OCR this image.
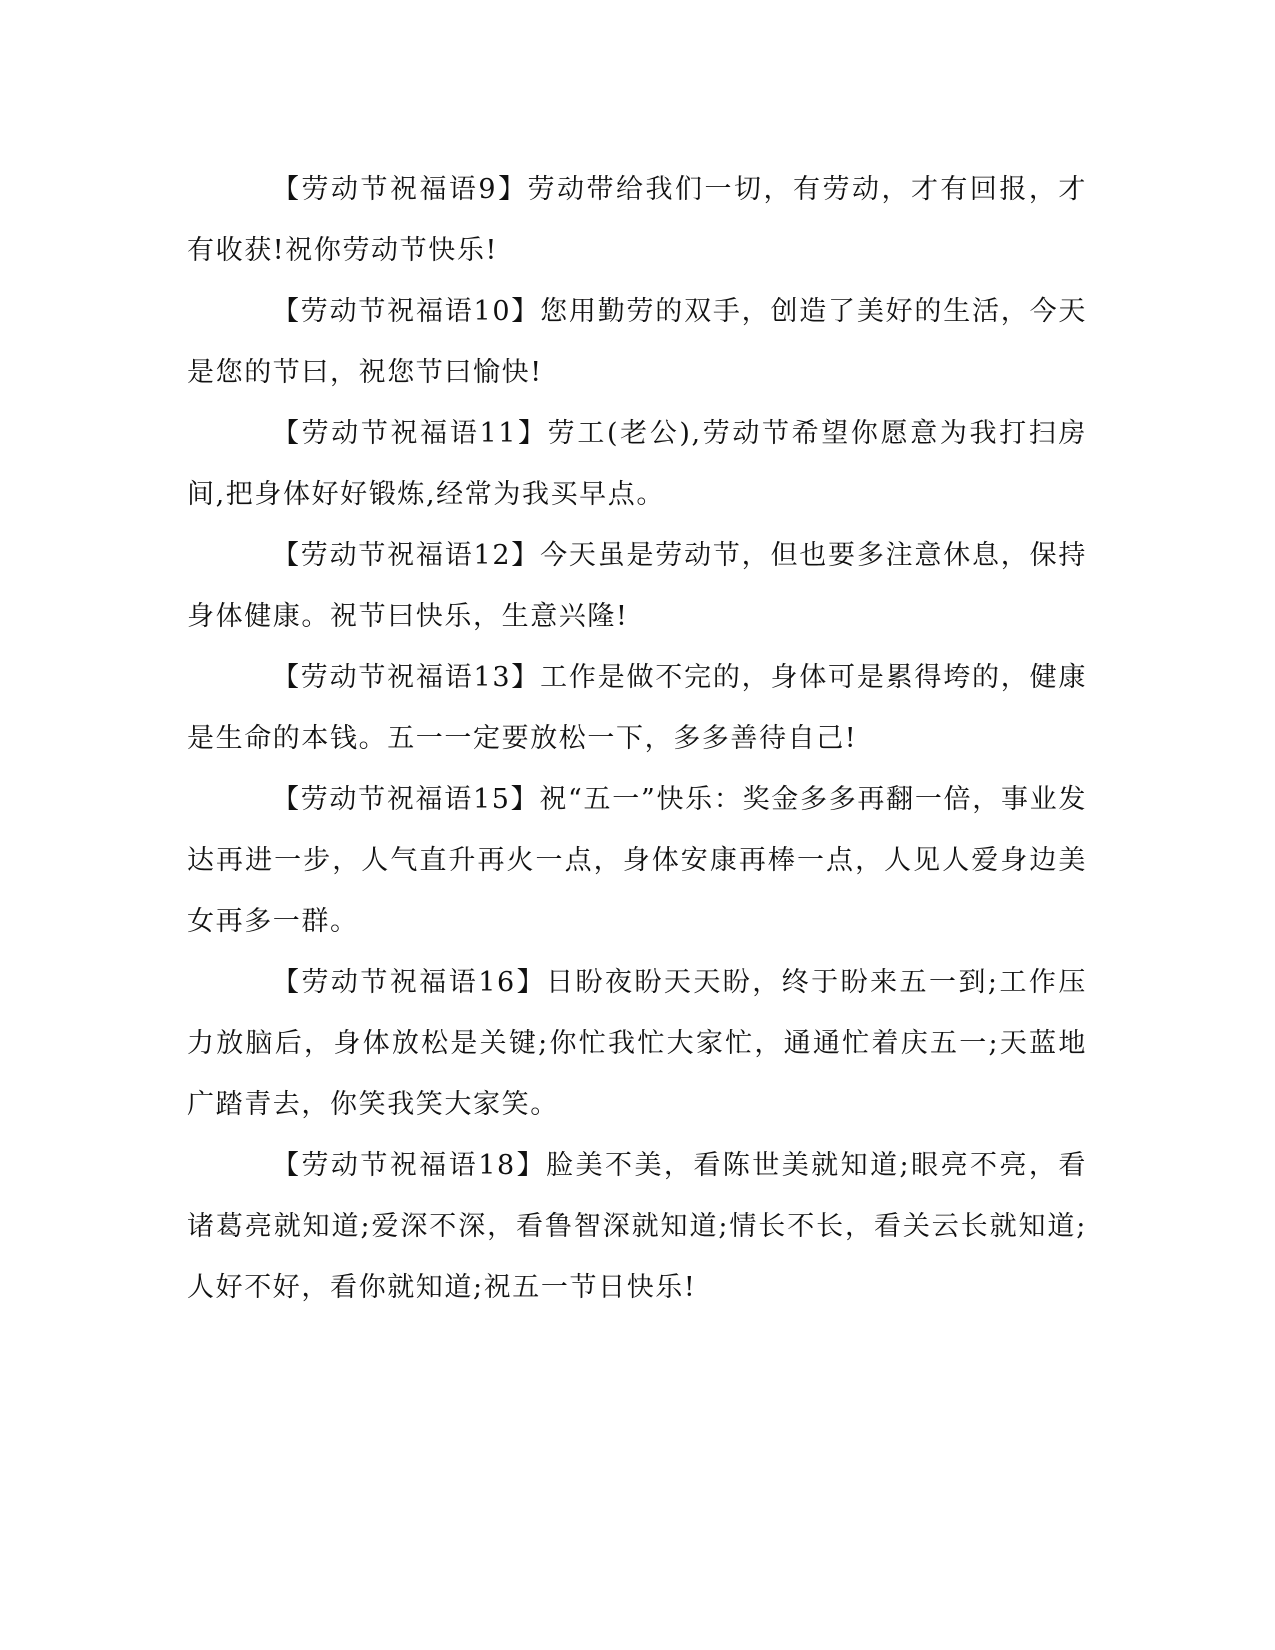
【劳动节祝福语9】劳动带给我们一切，有劳动，才有回报，才有收获!祝你劳动节快乐!

【劳动节祝福语10】您用勤劳的双手，创造了美好的生活，今天是您的节曰，祝您节曰愉快!

【劳动节祝福语11】劳工(老公),劳动节希望你愿意为我打扫房间,把身体好好锻炼,经常为我买早点。

【劳动节祝福语12】今天虽是劳动节，但也要多注意休息，保持身体健康。祝节曰快乐，生意兴隆!

【劳动节祝福语13】工作是做不完的，身体可是累得垮的，健康是生命的本钱。五一一定要放松一下，多多善待自己!

【劳动节祝福语15】祝“五一”快乐：奖金多多再翻一倍，事业发达再进一步，人气直升再火一点，身体安康再棒一点，人见人爱身边美女再多一群。

【劳动节祝福语16】日盼夜盼天天盼，终于盼来五一到;工作压力放脑后，身体放松是关键;你忙我忙大家忙，通通忙着庆五一;天蓝地广踏青去，你笑我笑大家笑。

【劳动节祝福语18】脸美不美，看陈世美就知道;眼亮不亮，看诸葛亮就知道;爱深不深，看鲁智深就知道;情长不长，看关云长就知道;人好不好，看你就知道;祝五一节日快乐!
